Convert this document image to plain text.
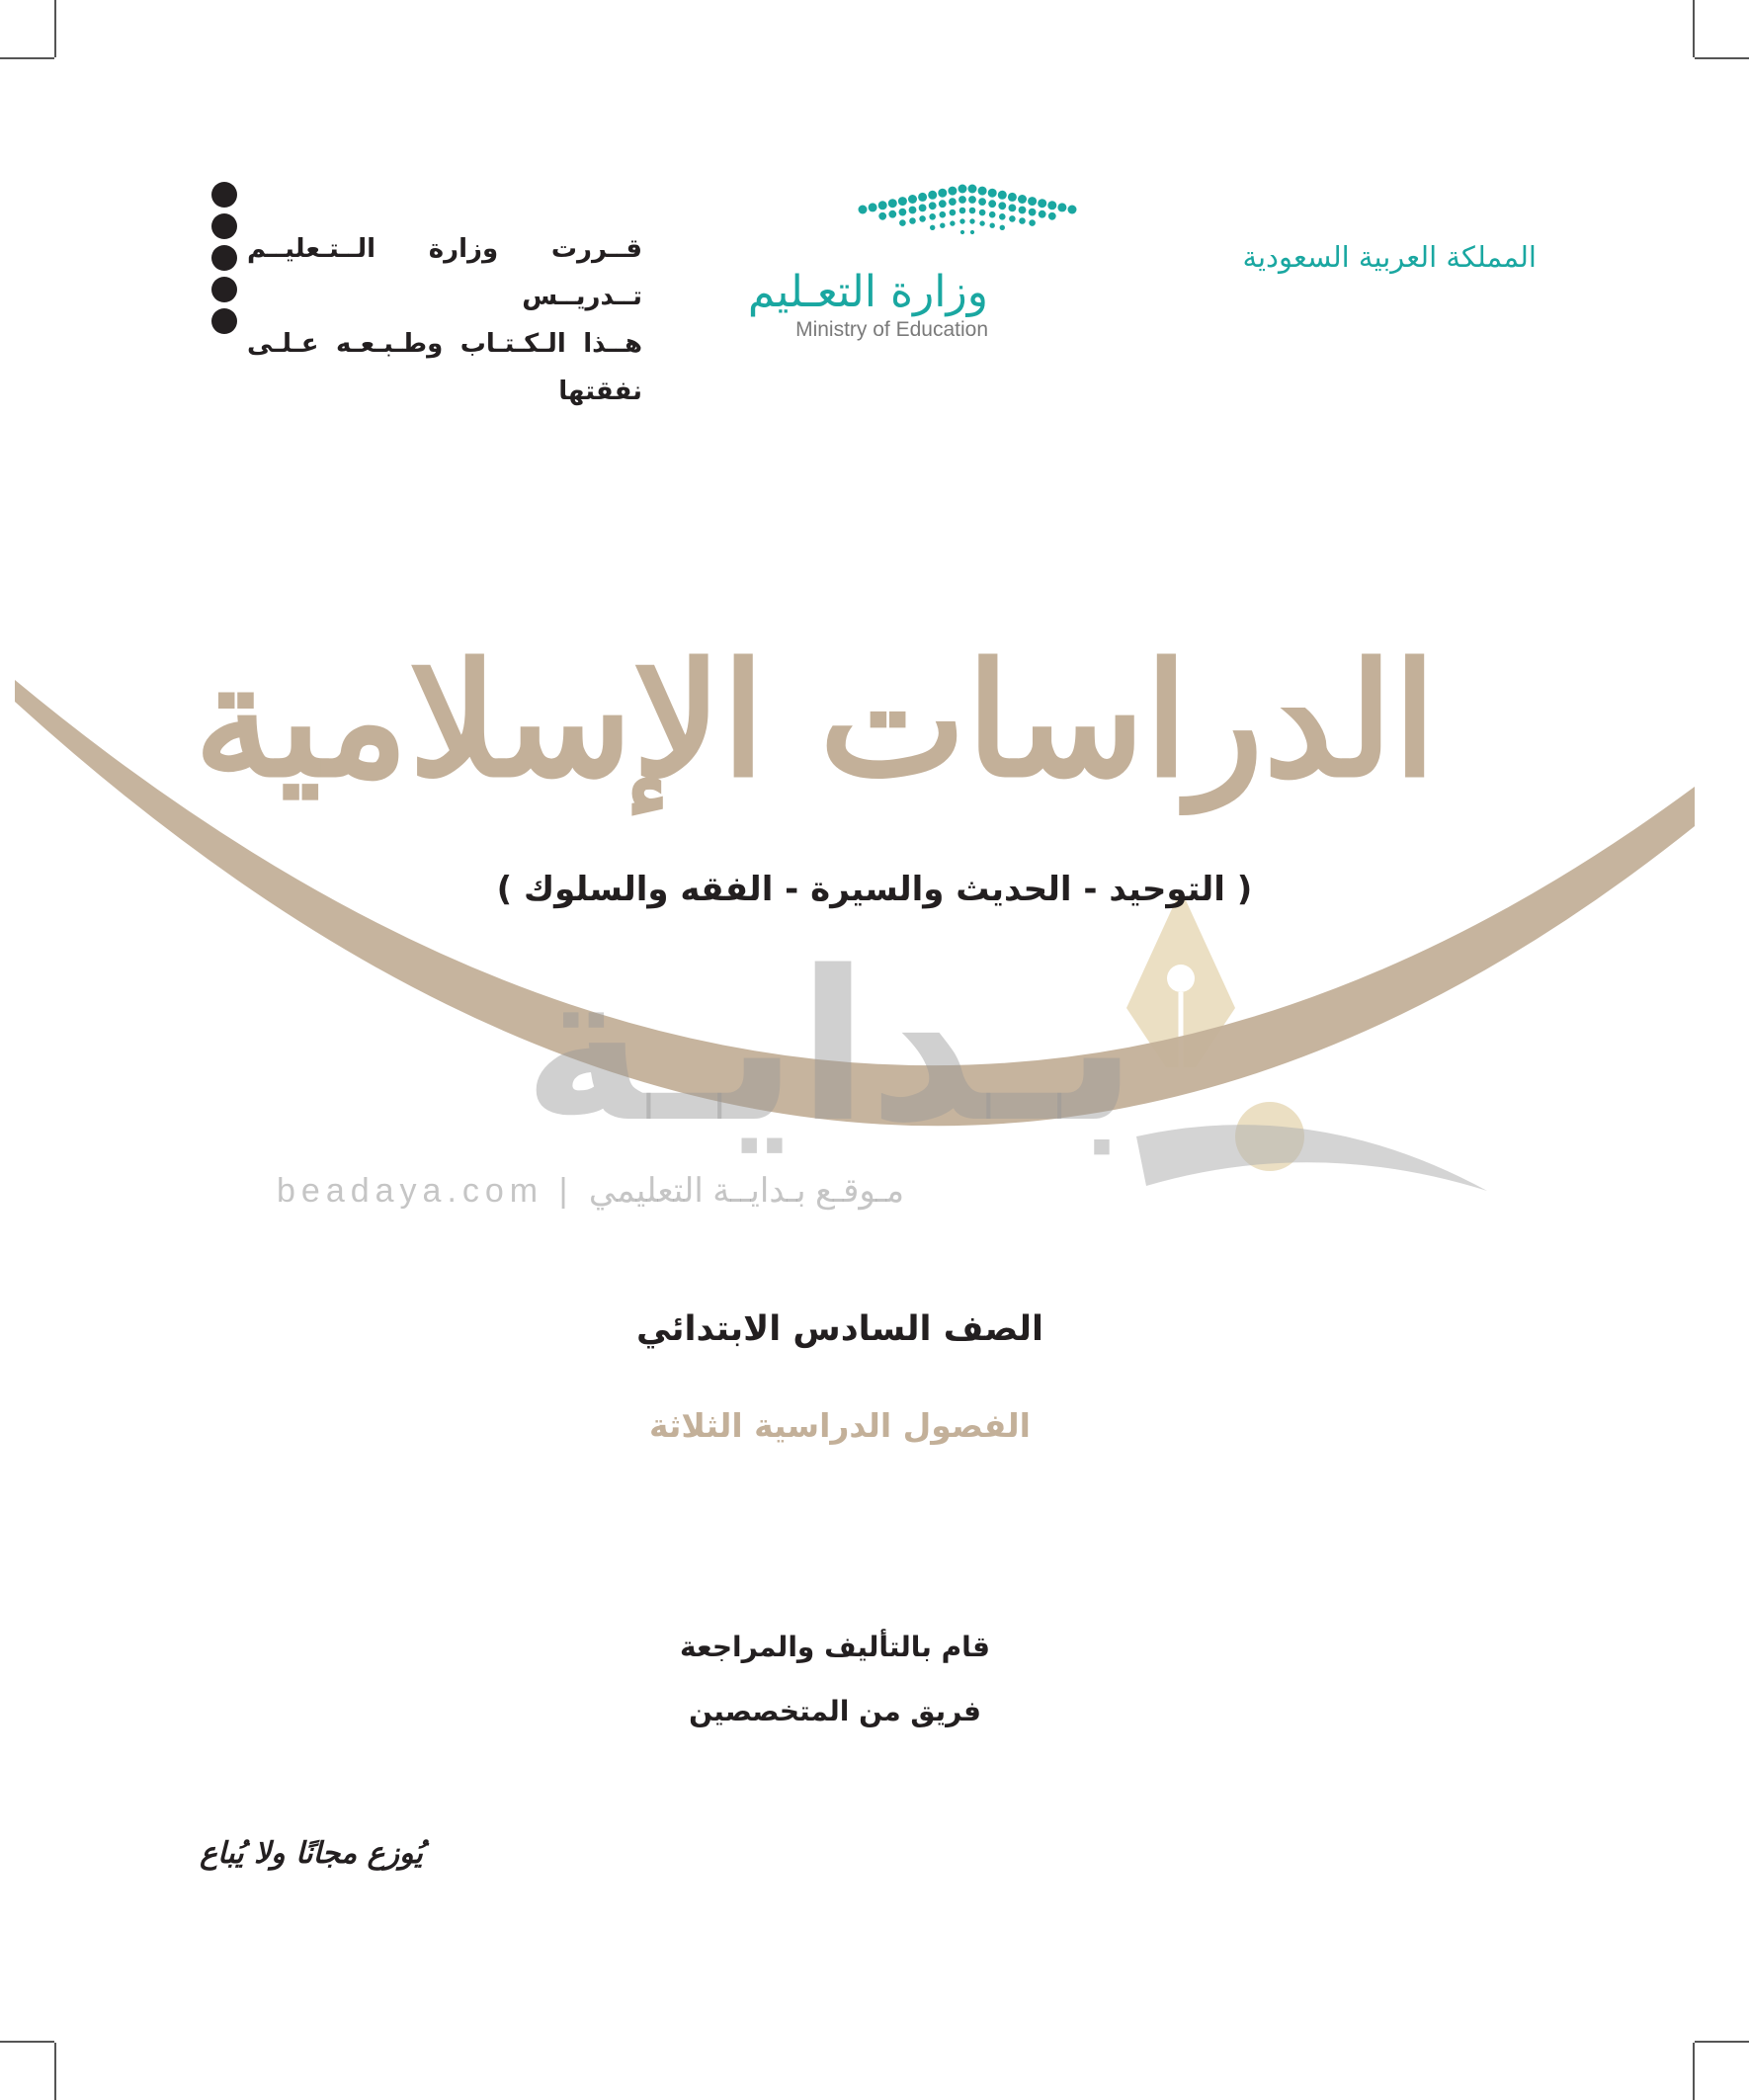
المملكة العربية السعودية
وزارة التعـليم
Ministry of Education
قــررت وزارة الــتـعليــم تــدريــس
هــذا الـكـتـاب وطـبـعـه عـلـى نفقتها
بـدايـة
beadaya.com | مـوقـع بـدايــة التعليمي
الدراسات الإسلامية
( التوحيد - الحديث والسيرة - الفقه والسلوك )
الصف السادس الابتدائي
الفصول الدراسية الثلاثة
قام بالتأليف والمراجعة
فريق من المتخصصين
يُوزع مجانًا ولا يُباع
